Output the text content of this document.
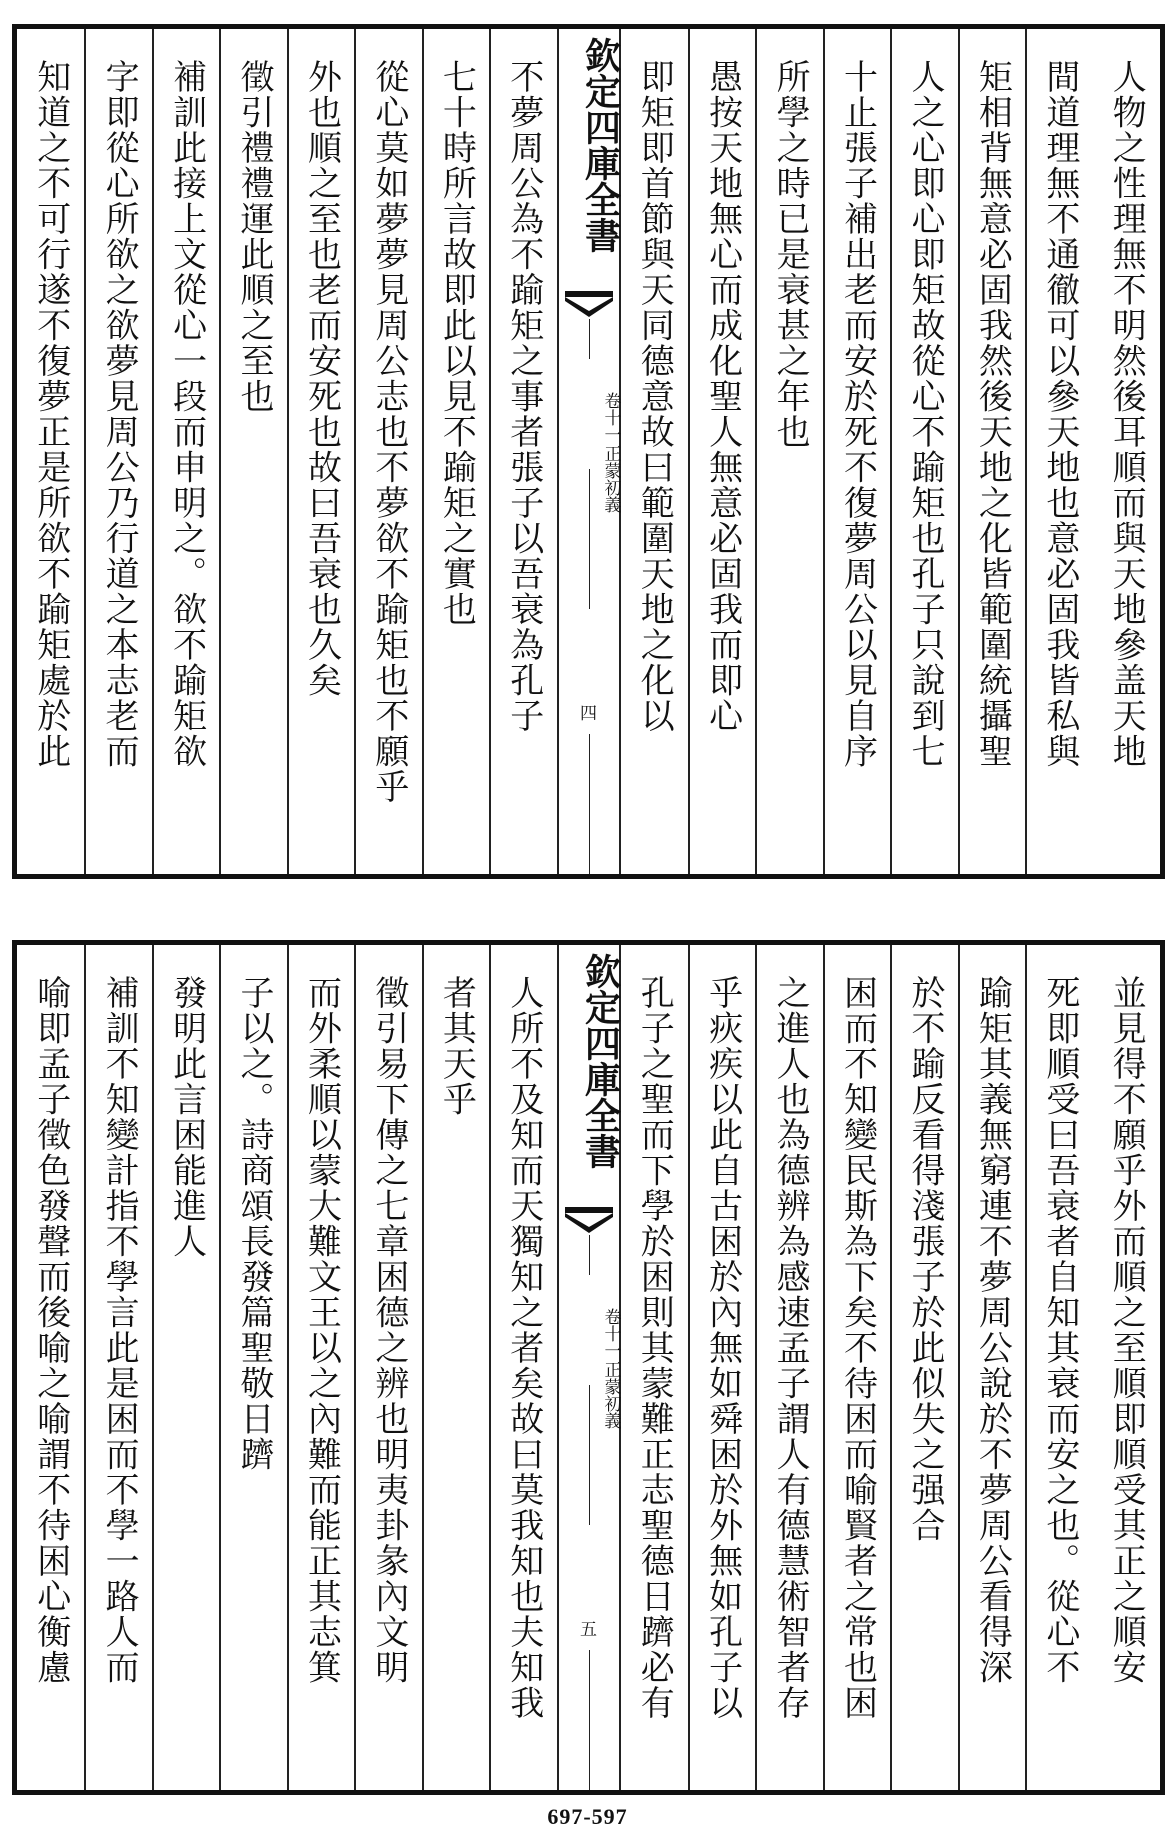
人物之性理無不明然後耳順而與天地參盖天地
間道理無不通徹可以參天地也意必固我皆私與
矩相背無意必固我然後天地之化皆範圍統攝聖
人之心即心即矩故從心不踰矩也孔子只說到七
十止張子補出老而安於死不復夢周公以見自序
所學之時已是衰甚之年也
愚按天地無心而成化聖人無意必固我而即心
即矩即首節與天同德意故曰範圍天地之化以
不夢周公為不踰矩之事者張子以吾衰為孔子
七十時所言故即此以見不踰矩之實也
從心莫如夢夢見周公志也不夢欲不踰矩也不願乎
外也順之至也老而安死也故曰吾衰也久矣
徵引禮禮運此順之至也
補訓此接上文從心一段而申明之。欲不踰矩欲
字即從心所欲之欲夢見周公乃行道之本志老而
知道之不可行遂不復夢正是所欲不踰矩處於此	欽定四庫全書
正蒙初義
卷十一
四
並見得不願乎外而順之至順即順受其正之順安
死即順受曰吾衰者自知其衰而安之也。從心不
踰矩其義無窮連不夢周公說於不夢周公看得深
於不踰反看得淺張子於此似失之强合
困而不知變民斯為下矣不待困而喻賢者之常也困
之進人也為德辨為感速孟子謂人有德慧術智者存
乎疢疾以此自古困於內無如舜困於外無如孔子以
孔子之聖而下學於困則其蒙難正志聖德日躋必有
人所不及知而天獨知之者矣故曰莫我知也夫知我
者其天乎
徵引易下傳之七章困德之辨也明夷卦彖內文明
而外柔順以蒙大難文王以之內難而能正其志箕
子以之。詩商頌長發篇聖敬日躋
發明此言困能進人
補訓不知變計指不學言此是困而不學一路人而
喻即孟子徵色發聲而後喻之喻謂不待困心衡慮	欽定四庫全書
正蒙初義
卷十一
五
697-597
